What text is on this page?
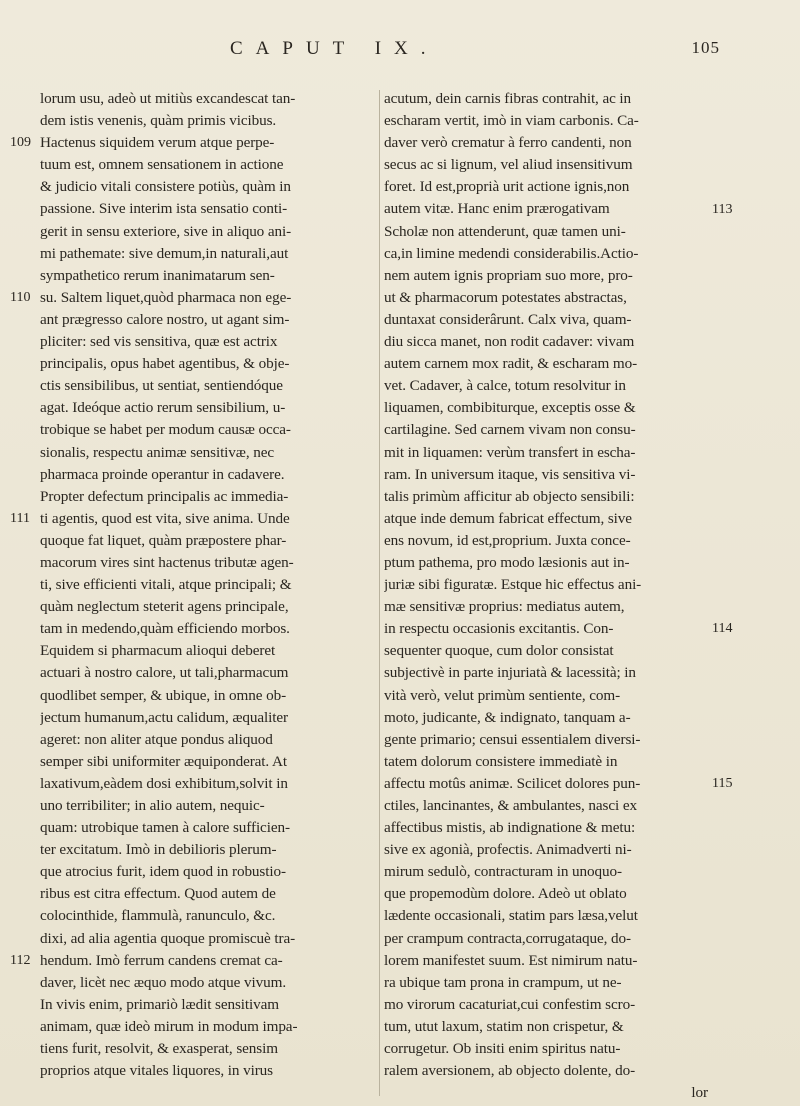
CAPUT IX.	105
lorum usu, adeò ut mitiùs excandescat tan-
dem istis venenis, quàm primis vicibus.
Hactenus siquidem verum atque perpe-
tuum est, omnem sensationem in actione
& judicio vitali consistere potiùs, quàm in
passione. Sive interim ista sensatio conti-
gerit in sensu exteriore, sive in aliquo ani-
mi pathemate: sive demum,in naturali,aut
sympathetico rerum inanimatarum sen-
su. Saltem liquet,quòd pharmaca non ege-
ant prægresso calore nostro, ut agant sim-
pliciter: sed vis sensitiva, quæ est actrix
principalis, opus habet agentibus, & obje-
ctis sensibilibus, ut sentiat, sentiendóque
agat. Ideóque actio rerum sensibilium, u-
trobique se habet per modum causæ occa-
sionalis, respectu animæ sensitivæ, nec
pharmaca proinde operantur in cadavere.
Propter defectum principalis ac immedia-
ti agentis, quod est vita, sive anima. Unde
quoque fat liquet, quàm præpostere phar-
macorum vires sint hactenus tributæ agen-
ti, sive efficienti vitali, atque principali; &
quàm neglectum steterit agens principale,
tam in medendo,quàm efficiendo morbos.
Equidem si pharmacum alioqui deberet
actuari à nostro calore, ut tali,pharmacum
quodlibet semper, & ubique, in omne ob-
jectum humanum,actu calidum, æqualiter
ageret: non aliter atque pondus aliquod
semper sibi uniformiter æquiponderat. At
laxativum,eàdem dosi exhibitum,solvit in
uno terribiliter; in alio autem, nequic-
quam: utrobique tamen à calore sufficien-
ter excitatum. Imò in debilioris plerum-
que atrocius furit, idem quod in robustio-
ribus est citra effectum. Quod autem de
colocinthide, flammulà, ranunculo, &c.
dixi, ad alia agentia quoque promiscuè tra-
hendum. Imò ferrum candens cremat ca-
daver, licèt nec æquo modo atque vivum.
In vivis enim, primariò lædit sensitivam
animam, quæ ideò mirum in modum impa-
tiens furit, resolvit, & exasperat, sensim
proprios atque vitales liquores, in virus
acutum, dein carnis fibras contrahit, ac in
escharam vertit, imò in viam carbonis. Ca-
daver verò crematur à ferro candenti, non
secus ac si lignum, vel aliud insensitivum
foret. Id est,proprià urit actione ignis,non
autem vitæ. Hanc enim prærogativam
Scholæ non attenderunt, quæ tamen uni-
ca,in limine medendi considerabilis.Actio-
nem autem ignis propriam suo more, pro-
ut & pharmacorum potestates abstractas,
duntaxat considerârunt. Calx viva, quam-
diu sicca manet, non rodit cadaver: vivam
autem carnem mox radit, & escharam mo-
vet. Cadaver, à calce, totum resolvitur in
liquamen, combibiturque, exceptis osse &
cartilagine. Sed carnem vivam non consu-
mit in liquamen: verùm transfert in escha-
ram. In universum itaque, vis sensitiva vi-
talis primùm afficitur ab objecto sensibili:
atque inde demum fabricat effectum, sive
ens novum, id est,proprium. Juxta conce-
ptum pathema, pro modo læsionis aut in-
juriæ sibi figuratæ. Estque hic effectus ani-
mæ sensitivæ proprius: mediatus autem,
in respectu occasionis excitantis. Con-
sequenter quoque, cum dolor consistat
subjectivè in parte injuriatà & lacessità; in
vità verò, velut primùm sentiente, com-
moto, judicante, & indignato, tanquam a-
gente primario; censui essentialem diversi-
tatem dolorum consistere immediatè in
affectu motûs animæ. Scilicet dolores pun-
ctiles, lancinantes, & ambulantes, nasci ex
affectibus mistis, ab indignatione & metu:
sive ex agonià, profectis. Animadverti ni-
mirum sedulò, contracturam in unoquo-
que propemodùm dolore. Adeò ut oblato
lædente occasionali, statim pars læsa,velut
per crampum contracta,corrugataque, do-
lorem manifestet suum. Est nimirum natu-
ra ubique tam prona in crampum, ut ne-
mo virorum cacaturiat,cui confestim scro-
tum, utut laxum, statim non crispetur, &
corrugetur. Ob insiti enim spiritus natu-
ralem aversionem, ab objecto dolente, do-
lor
109
110
111
112
113
114
115
